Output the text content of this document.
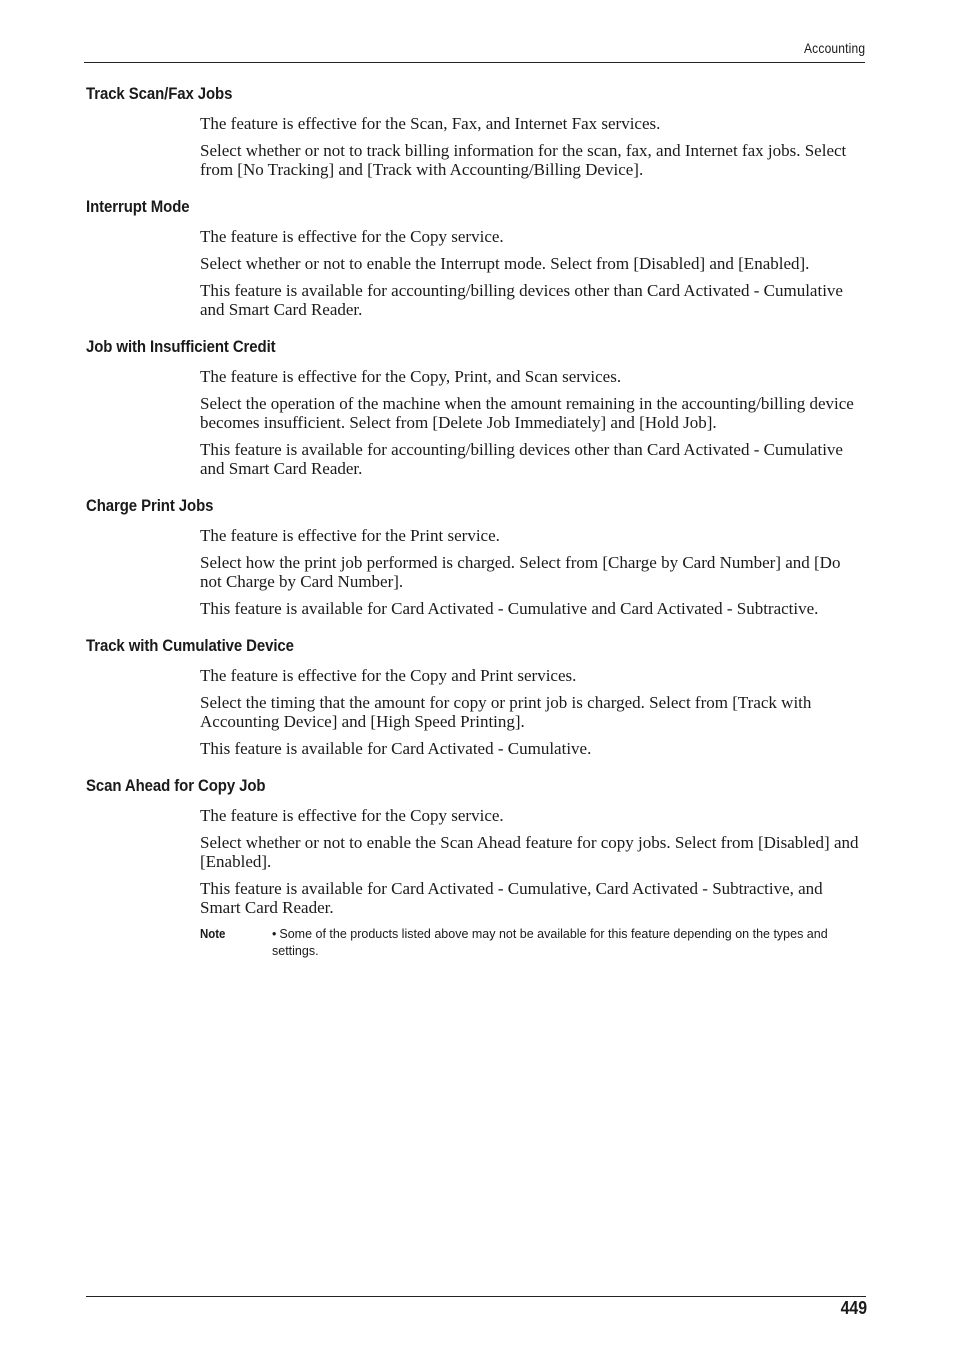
Accounting
Track Scan/Fax Jobs

The feature is effective for the Scan, Fax, and Internet Fax services.

Select whether or not to track billing information for the scan, fax, and Internet fax jobs. Select from [No Tracking] and [Track with Accounting/Billing Device].

Interrupt Mode

The feature is effective for the Copy service.

Select whether or not to enable the Interrupt mode. Select from [Disabled] and [Enabled].

This feature is available for accounting/billing devices other than Card Activated - Cumulative and Smart Card Reader.

Job with Insufficient Credit

The feature is effective for the Copy, Print, and Scan services.

Select the operation of the machine when the amount remaining in the accounting/billing device becomes insufficient. Select from [Delete Job Immediately] and [Hold Job].

This feature is available for accounting/billing devices other than Card Activated - Cumulative and Smart Card Reader.

Charge Print Jobs

The feature is effective for the Print service.

Select how the print job performed is charged. Select from [Charge by Card Number] and [Do not Charge by Card Number].

This feature is available for Card Activated - Cumulative and Card Activated - Subtractive.

Track with Cumulative Device

The feature is effective for the Copy and Print services.

Select the timing that the amount for copy or print job is charged. Select from [Track with Accounting Device] and [High Speed Printing].

This feature is available for Card Activated - Cumulative.

Scan Ahead for Copy Job

The feature is effective for the Copy service.

Select whether or not to enable the Scan Ahead feature for copy jobs. Select from [Disabled] and [Enabled].

This feature is available for Card Activated - Cumulative, Card Activated - Subtractive, and Smart Card Reader.

Note	• Some of the products listed above may not be available for this feature depending on the types and settings.
449
